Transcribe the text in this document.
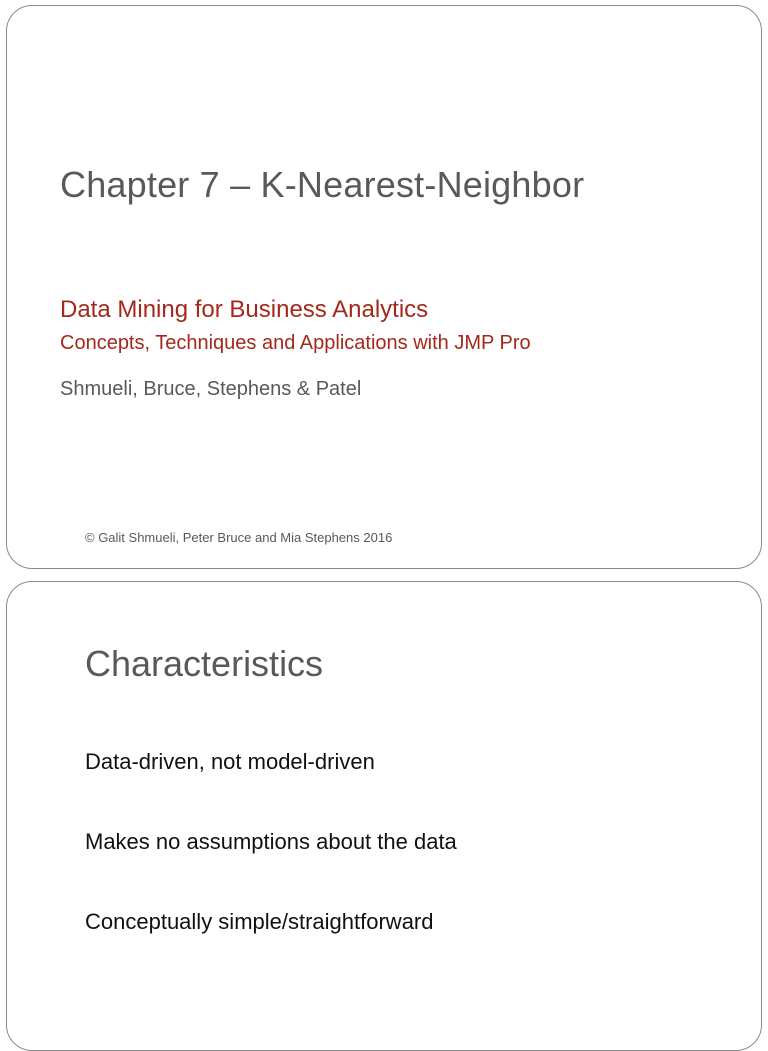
Chapter 7 – K-Nearest-Neighbor
Data Mining for Business Analytics
Concepts, Techniques and Applications with JMP Pro
Shmueli, Bruce, Stephens & Patel
© Galit Shmueli, Peter Bruce and Mia Stephens 2016
Characteristics
Data-driven, not model-driven
Makes no assumptions about the data
Conceptually simple/straightforward
